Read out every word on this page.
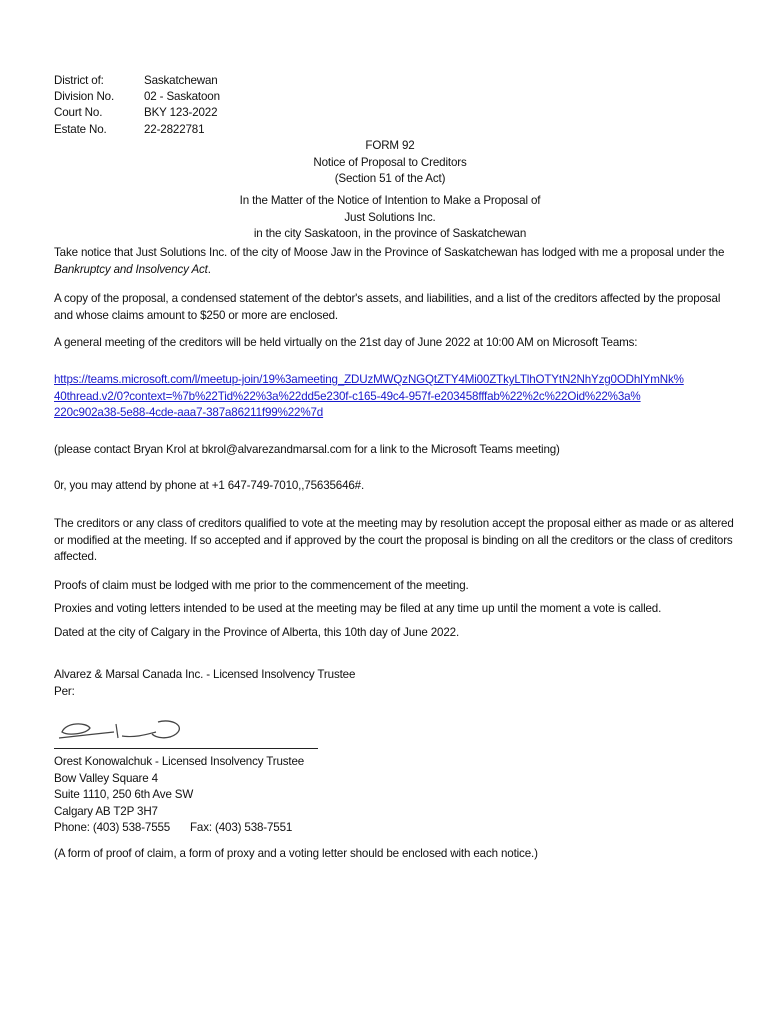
District of:	Saskatchewan
Division No.	02 - Saskatoon
Court No.	BKY 123-2022
Estate No.	22-2822781
FORM 92
Notice of Proposal to Creditors
(Section 51 of the Act)
In the Matter of the Notice of Intention to Make a Proposal of
Just Solutions Inc.
in the city Saskatoon, in the province of Saskatchewan
Take notice that Just Solutions Inc. of the city of Moose Jaw in the Province of Saskatchewan has lodged with me a proposal under the
Bankruptcy and Insolvency Act.
A copy of the proposal, a condensed statement of the debtor's assets, and liabilities, and a list of the creditors affected by the proposal and whose claims amount to $250 or more are enclosed.
A general meeting of the creditors will be held virtually on the 21st day of June 2022 at 10:00 AM on Microsoft Teams:
https://teams.microsoft.com/l/meetup-join/19%3ameeting_ZDUzMWQzNGQtZTY4Mi00ZTkyLTlhOTYtN2NhYzg0ODhlYmNk%
40thread.v2/0?context=%7b%22Tid%22%3a%22dd5e230f-c165-49c4-957f-e203458fffab%22%2c%22Oid%22%3a%
220c902a38-5e88-4cde-aaa7-387a86211f99%22%7d
(please contact Bryan Krol at bkrol@alvarezandmarsal.com for a link to the Microsoft Teams meeting)
0r, you may attend by phone at +1 647-749-7010,,75635646#.
The creditors or any class of creditors qualified to vote at the meeting may by resolution accept the proposal either as made or as altered or modified at the meeting. If so accepted and if approved by the court the proposal is binding on all the creditors or the class of creditors affected.
Proofs of claim must be lodged with me prior to the commencement of the meeting.
Proxies and voting letters intended to be used at the meeting may be filed at any time up until the moment a vote is called.
Dated at the city of Calgary in the Province of Alberta, this 10th day of June 2022.
Alvarez & Marsal Canada Inc. - Licensed Insolvency Trustee
Per:
Orest Konowalchuk - Licensed Insolvency Trustee
Bow Valley Square 4
Suite 1110, 250 6th Ave SW
Calgary AB T2P 3H7
Phone: (403) 538-7555 Fax: (403) 538-7551
(A form of proof of claim, a form of proxy and a voting letter should be enclosed with each notice.)
